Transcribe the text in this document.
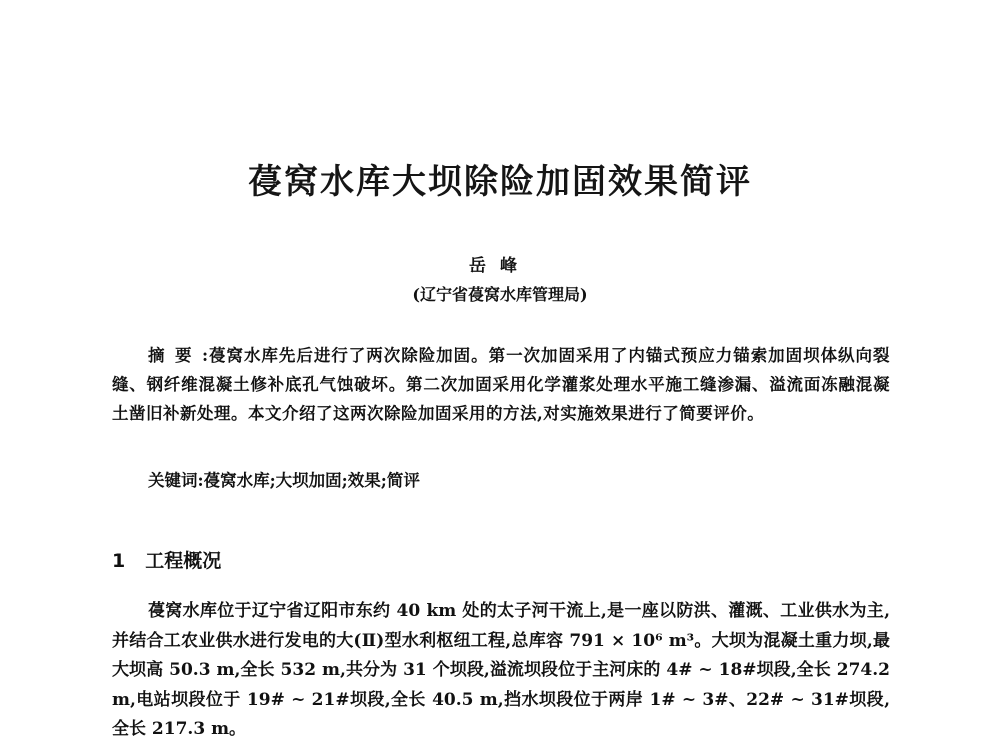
葠窝水库大坝除险加固效果简评
岳峰
(辽宁省葠窝水库管理局)
摘要:葠窝水库先后进行了两次除险加固。第一次加固采用了内锚式预应力锚索加固坝体纵向裂缝、钢纤维混凝土修补底孔气蚀破坏。第二次加固采用化学灌浆处理水平施工缝渗漏、溢流面冻融混凝土凿旧补新处理。本文介绍了这两次除险加固采用的方法,对实施效果进行了简要评价。
关键词:葠窝水库;大坝加固;效果;简评
1 工程概况
葠窝水库位于辽宁省辽阳市东约 40 km 处的太子河干流上,是一座以防洪、灌溉、工业供水为主,并结合工农业供水进行发电的大(Ⅱ)型水利枢纽工程,总库容 791 × 10⁶ m³。大坝为混凝土重力坝,最大坝高 50.3 m,全长 532 m,共分为 31 个坝段,溢流坝段位于主河床的 4# ~ 18#坝段,全长 274.2 m,电站坝段位于 19# ~ 21#坝段,全长 40.5 m,挡水坝段位于两岸 1# ~ 3#、22# ~ 31#坝段,全长 217.3 m。
